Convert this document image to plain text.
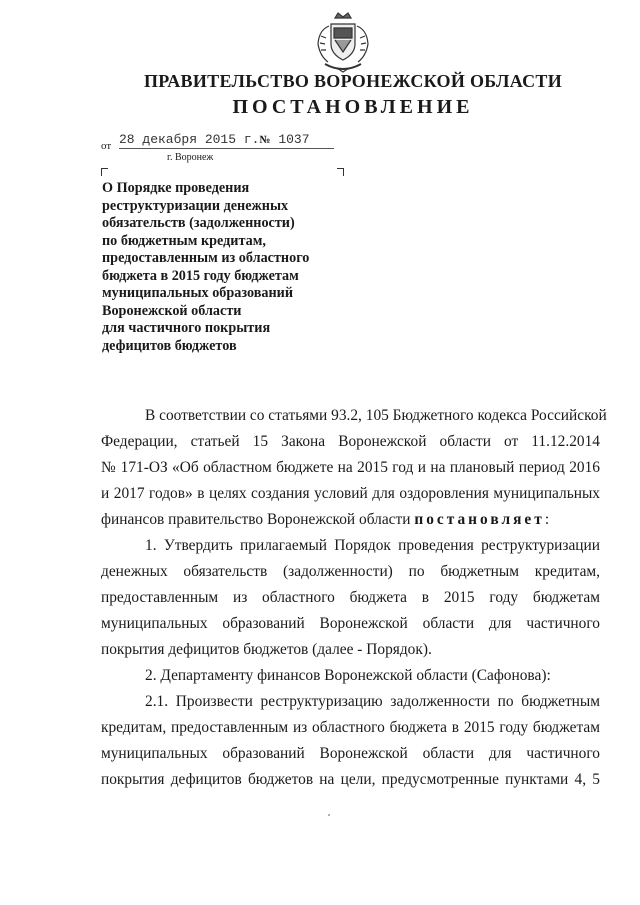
ПРАВИТЕЛЬСТВО ВОРОНЕЖСКОЙ ОБЛАСТИ
ПОСТАНОВЛЕНИЕ
от 28 декабря 2015 г.№ 1037
г. Воронеж
О Порядке проведения
реструктуризации денежных
обязательств (задолженности)
по бюджетным кредитам,
предоставленным из областного
бюджета в 2015 году бюджетам
муниципальных образований
Воронежской области
для частичного покрытия
дефицитов бюджетов
В соответствии со статьями 93.2, 105 Бюджетного кодекса Российской
Федерации, статьей 15 Закона Воронежской области от 11.12.2014
№ 171-ОЗ «Об областном бюджете на 2015 год и на плановый период 2016
и 2017 годов» в целях создания условий для оздоровления муниципальных
финансов правительство Воронежской области постановляет:
1. Утвердить прилагаемый Порядок проведения реструктуризации
денежных обязательств (задолженности) по бюджетным кредитам,
предоставленным из областного бюджета в 2015 году бюджетам
муниципальных образований Воронежской области для частичного
покрытия дефицитов бюджетов (далее - Порядок).
2. Департаменту финансов Воронежской области (Сафонова):
2.1. Произвести реструктуризацию задолженности по бюджетным
кредитам, предоставленным из областного бюджета в 2015 году бюджетам
муниципальных образований Воронежской области для частичного
покрытия дефицитов бюджетов на цели, предусмотренные пунктами 4, 5
